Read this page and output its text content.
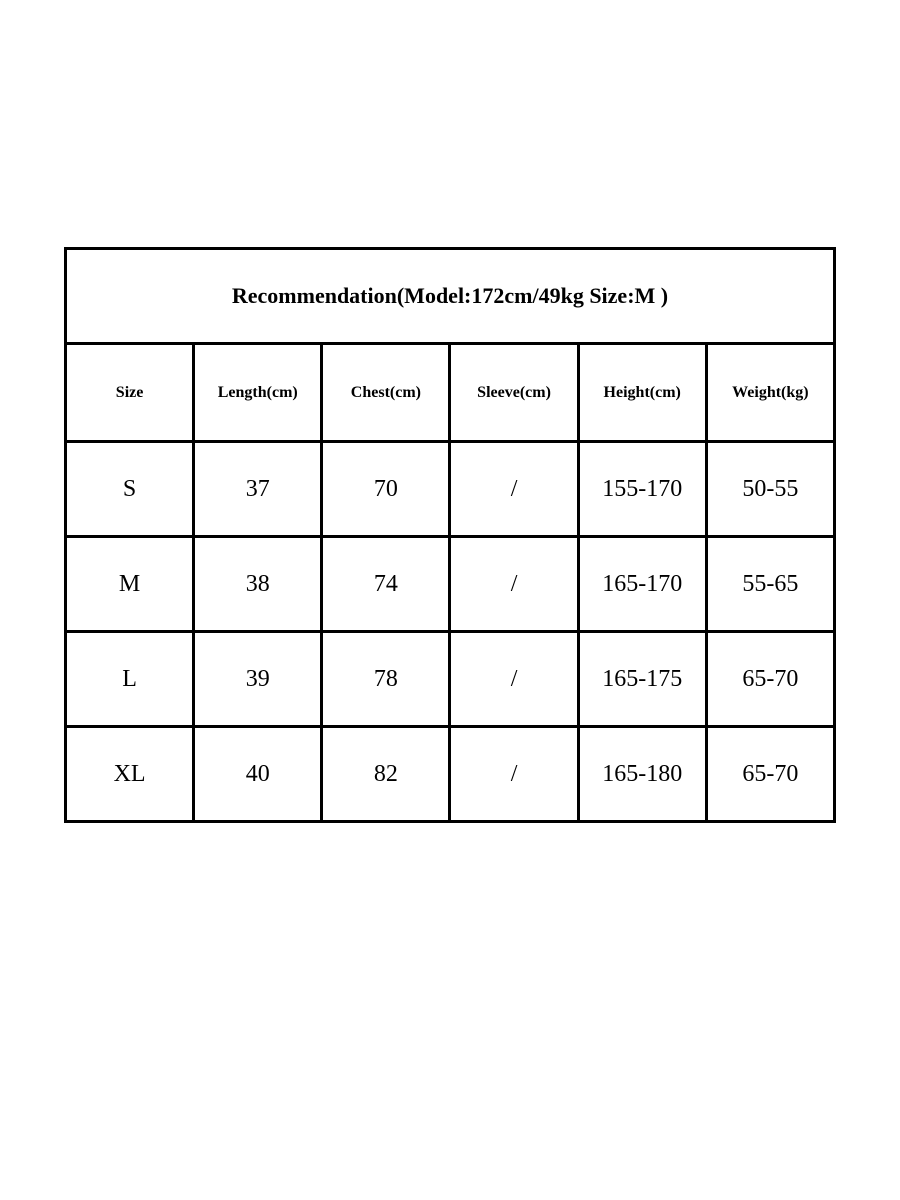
Recommendation(Model:172cm/49kg Size:M )					
Size	Length(cm)	Chest(cm)	Sleeve(cm)	Height(cm)	Weight(kg)
S	37	70	/	155-170	50-55
M	38	74	/	165-170	55-65
L	39	78	/	165-175	65-70
XL	40	82	/	165-180	65-70
